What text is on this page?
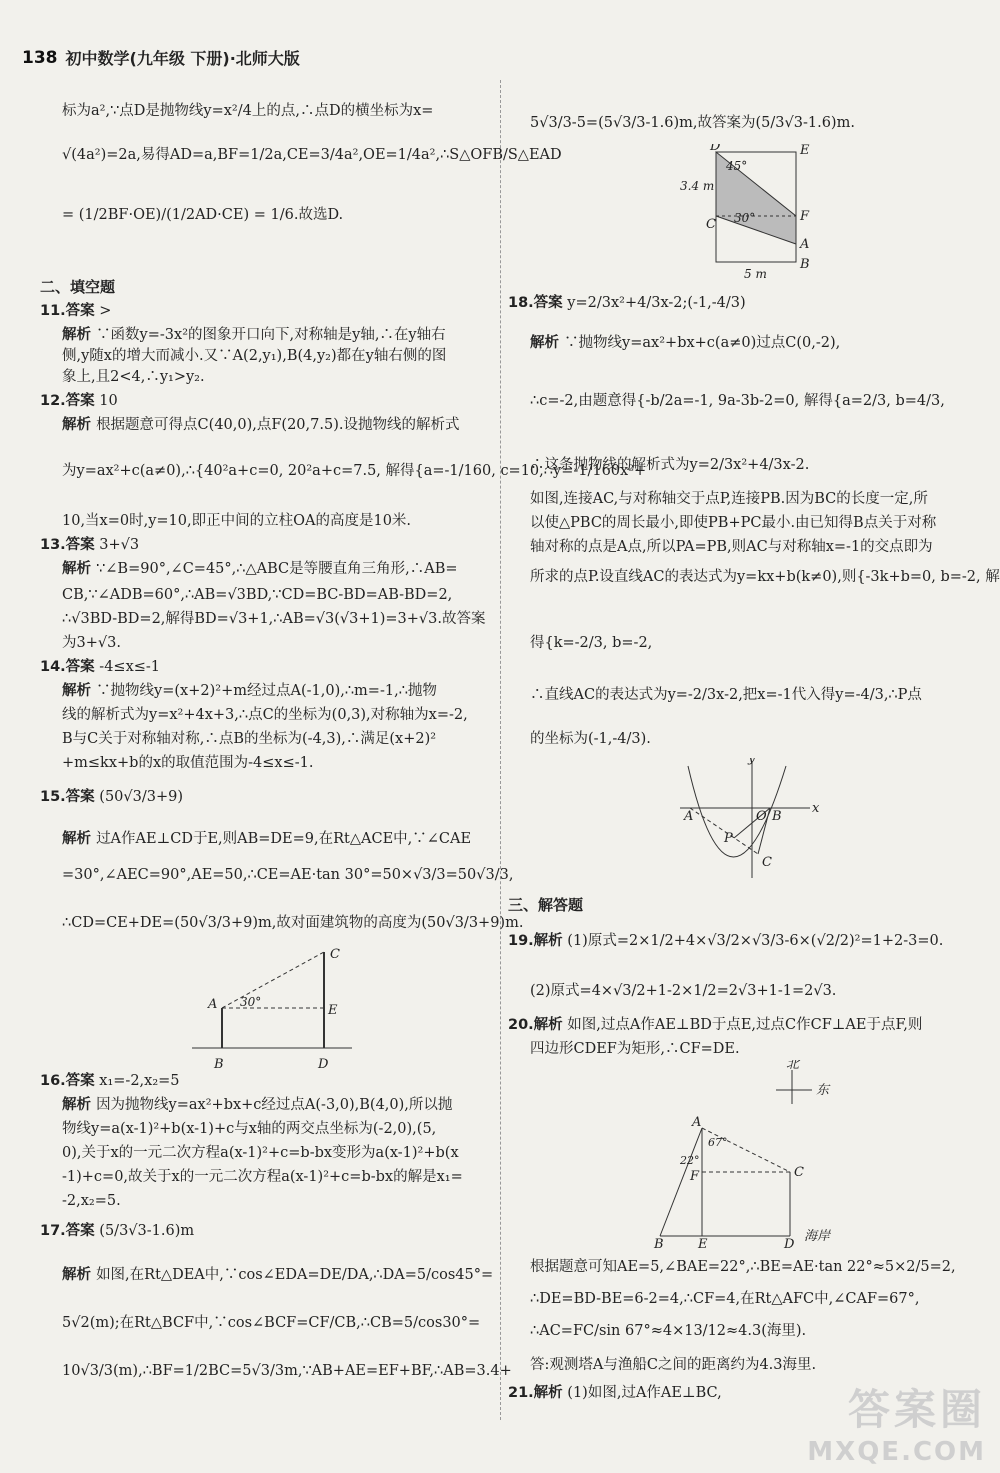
138 初中数学(九年级 下册)·北师大版
标为a²,∵点D是抛物线y=x²/4上的点,∴点D的横坐标为x=
√(4a²)=2a,易得AD=a,BF=1/2a,CE=3/4a²,OE=1/4a²,∴S△OFB/S△EAD
= (1/2BF·OE)/(1/2AD·CE) = 1/6.故选D.
二、填空题
11.答案 >
解析 ∵函数y=-3x²的图象开口向下,对称轴是y轴,∴在y轴右
侧,y随x的增大而减小.又∵A(2,y₁),B(4,y₂)都在y轴右侧的图
象上,且2<4,∴y₁>y₂.
12.答案 10
解析 根据题意可得点C(40,0),点F(20,7.5).设抛物线的解析式
为y=ax²+c(a≠0),∴{40²a+c=0, 20²a+c=7.5, 解得{a=-1/160, c=10,∴y=-1/160x²+
10,当x=0时,y=10,即正中间的立柱OA的高度是10米.
13.答案 3+√3
解析 ∵∠B=90°,∠C=45°,∴△ABC是等腰直角三角形,∴AB=
CB,∵∠ADB=60°,∴AB=√3BD,∵CD=BC-BD=AB-BD=2,
∴√3BD-BD=2,解得BD=√3+1,∴AB=√3(√3+1)=3+√3.故答案
为3+√3.
14.答案 -4≤x≤-1
解析 ∵抛物线y=(x+2)²+m经过点A(-1,0),∴m=-1,∴抛物
线的解析式为y=x²+4x+3,∴点C的坐标为(0,3),对称轴为x=-2,
B与C关于对称轴对称,∴点B的坐标为(-4,3),∴满足(x+2)²
+m≤kx+b的x的取值范围为-4≤x≤-1.
15.答案 (50√3/3+9)
解析 过A作AE⊥CD于E,则AB=DE=9,在Rt△ACE中,∵∠CAE
=30°,∠AEC=90°,AE=50,∴CE=AE·tan 30°=50×√3/3=50√3/3,
∴CD=CE+DE=(50√3/3+9)m,故对面建筑物的高度为(50√3/3+9)m.
C
A	E
B	D
30°
16.答案 x₁=-2,x₂=5
解析 因为抛物线y=ax²+bx+c经过点A(-3,0),B(4,0),所以抛
物线y=a(x-1)²+b(x-1)+c与x轴的两交点坐标为(-2,0),(5,
0),关于x的一元二次方程a(x-1)²+c=b-bx变形为a(x-1)²+b(x
-1)+c=0,故关于x的一元二次方程a(x-1)²+c=b-bx的解是x₁=
-2,x₂=5.
17.答案 (5/3√3-1.6)m
解析 如图,在Rt△DEA中,∵cos∠EDA=DE/DA,∴DA=5/cos45°=
5√2(m);在Rt△BCF中,∵cos∠BCF=CF/CB,∴CB=5/cos30°=
10√3/3(m),∴BF=1/2BC=5√3/3m,∵AB+AE=EF+BF,∴AB=3.4+
5√3/3-5=(5√3/3-1.6)m,故答案为(5/3√3-1.6)m.
D	E
3.4 m
45°
30°	F
C
A
B
5 m
18.答案 y=2/3x²+4/3x-2;(-1,-4/3)
解析 ∵抛物线y=ax²+bx+c(a≠0)过点C(0,-2),
∴c=-2,由题意得{-b/2a=-1, 9a-3b-2=0, 解得{a=2/3, b=4/3,
∴这条抛物线的解析式为y=2/3x²+4/3x-2.
如图,连接AC,与对称轴交于点P,连接PB.因为BC的长度一定,所
以使△PBC的周长最小,即使PB+PC最小.由已知得B点关于对称
轴对称的点是A点,所以PA=PB,则AC与对称轴x=-1的交点即为
所求的点P.设直线AC的表达式为y=kx+b(k≠0),则{-3k+b=0, b=-2, 解
得{k=-2/3, b=-2,
∴直线AC的表达式为y=-2/3x-2,把x=-1代入得y=-4/3,∴P点
的坐标为(-1,-4/3).
y
x
A	O B
P
C
三、解答题
19.解析 (1)原式=2×1/2+4×√3/2×√3/3-6×(√2/2)²=1+2-3=0.
(2)原式=4×√3/2+1-2×1/2=2√3+1-1=2√3.
20.解析 如图,过点A作AE⊥BD于点E,过点C作CF⊥AE于点F,则
四边形CDEF为矩形,∴CF=DE.
北
东
A
67°
22°
F	C
B	E	D
海岸
根据题意可知AE=5,∠BAE=22°,∴BE=AE·tan 22°≈5×2/5=2,
∴DE=BD-BE=6-2=4,∴CF=4,在Rt△AFC中,∠CAF=67°,
∴AC=FC/sin 67°≈4×13/12≈4.3(海里).
答:观测塔A与渔船C之间的距离约为4.3海里.
21.解析 (1)如图,过A作AE⊥BC,	答案圈
MXQE.COM
